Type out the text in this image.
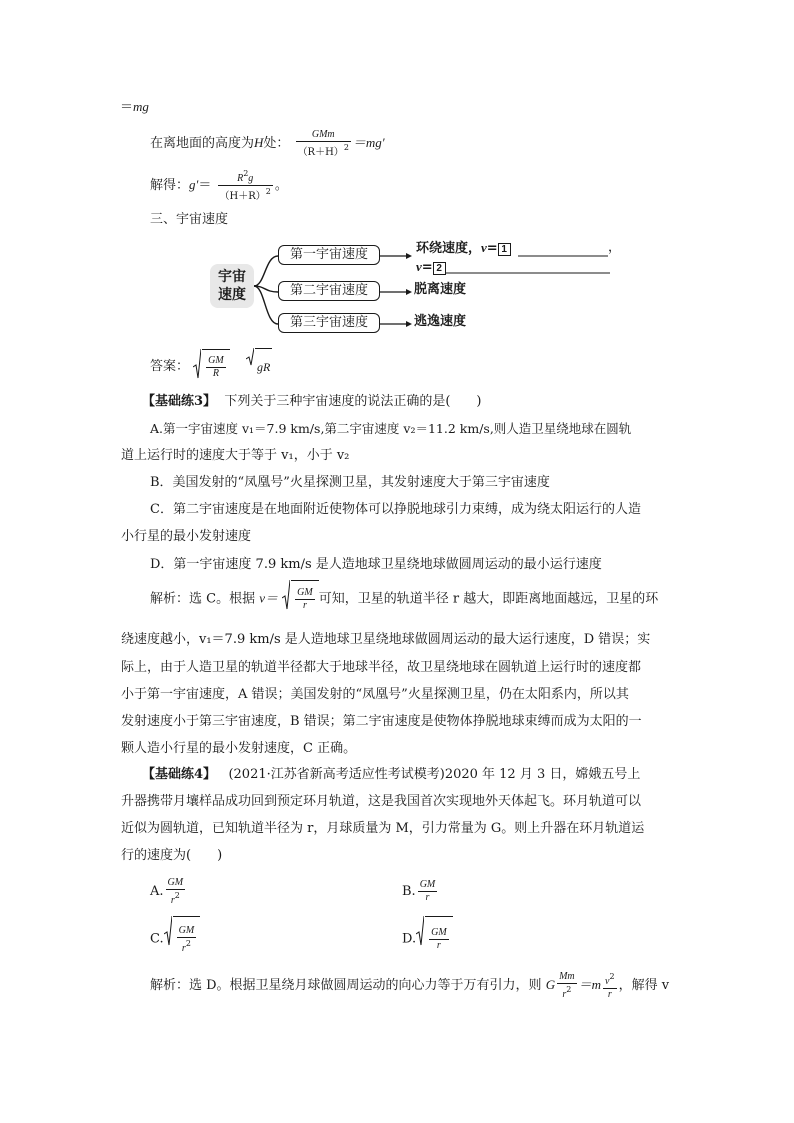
＝mg
在离地面的高度为H处： $\frac{\text{GMm}}{(R+H)^2} =mg'$
解得：$g'= \frac{R^2g}{(H+R)^2}$ 。
三、宇宙速度
宇宙
速度
第一宇宙速度
第二宇宙速度
第三宇宙速度
环绕速度，v= 1	，
v= 2
脱离速度
逃逸速度
答案： $\frac{GM}{R}$
	gR
【基础练3】 下列关于三种宇宙速度的说法正确的是(　　)
A.第一宇宙速度 v₁＝7.9 km/s,第二宇宙速度 v₂＝11.2 km/s,则人造卫星绕地球在圆轨
道上运行时的速度大于等于 v₁，小于 v₂
B．美国发射的“凤凰号”火星探测卫星，其发射速度大于第三宇宙速度
C．第二宇宙速度是在地面附近使物体可以挣脱地球引力束缚，成为绕太阳运行的人造
小行星的最小发射速度
D．第一宇宙速度 7.9 km/s 是人造地球卫星绕地球做圆周运动的最小运行速度
解析：选 C。根据 $v= \frac{GM}{r}$ 可知，卫星的轨道半径 r 越大，即距离地面越远，卫星的环
绕速度越小，v₁＝7.9 km/s 是人造地球卫星绕地球做圆周运动的最大运行速度，D 错误；实
际上，由于人造卫星的轨道半径都大于地球半径，故卫星绕地球在圆轨道上运行时的速度都
小于第一宇宙速度，A 错误；美国发射的“凤凰号”火星探测卫星，仍在太阳系内，所以其
发射速度小于第三宇宙速度，B 错误；第二宇宙速度是使物体挣脱地球束缚而成为太阳的一
颗人造小行星的最小发射速度，C 正确。
【基础练4】 (2021·江苏省新高考适应性考试模考)2020 年 12 月 3 日，嫦娥五号上
升器携带月壤样品成功回到预定环月轨道，这是我国首次实现地外天体起飞。环月轨道可以
近似为圆轨道，已知轨道半径为 r，月球质量为 M，引力常量为 G。则上升器在环月轨道运
行的速度为(　　)
A. $\frac{GM}{r^2}$	B. $\frac{GM}{r}$
C. $\frac{GM}{r^2}$	D. $\frac{GM}{r}$
解析：选 D。根据卫星绕月球做圆周运动的向心力等于万有引力，则 G $\frac{Mm}{r^2} =m \frac{v^2}{r}$ ，解得 v
